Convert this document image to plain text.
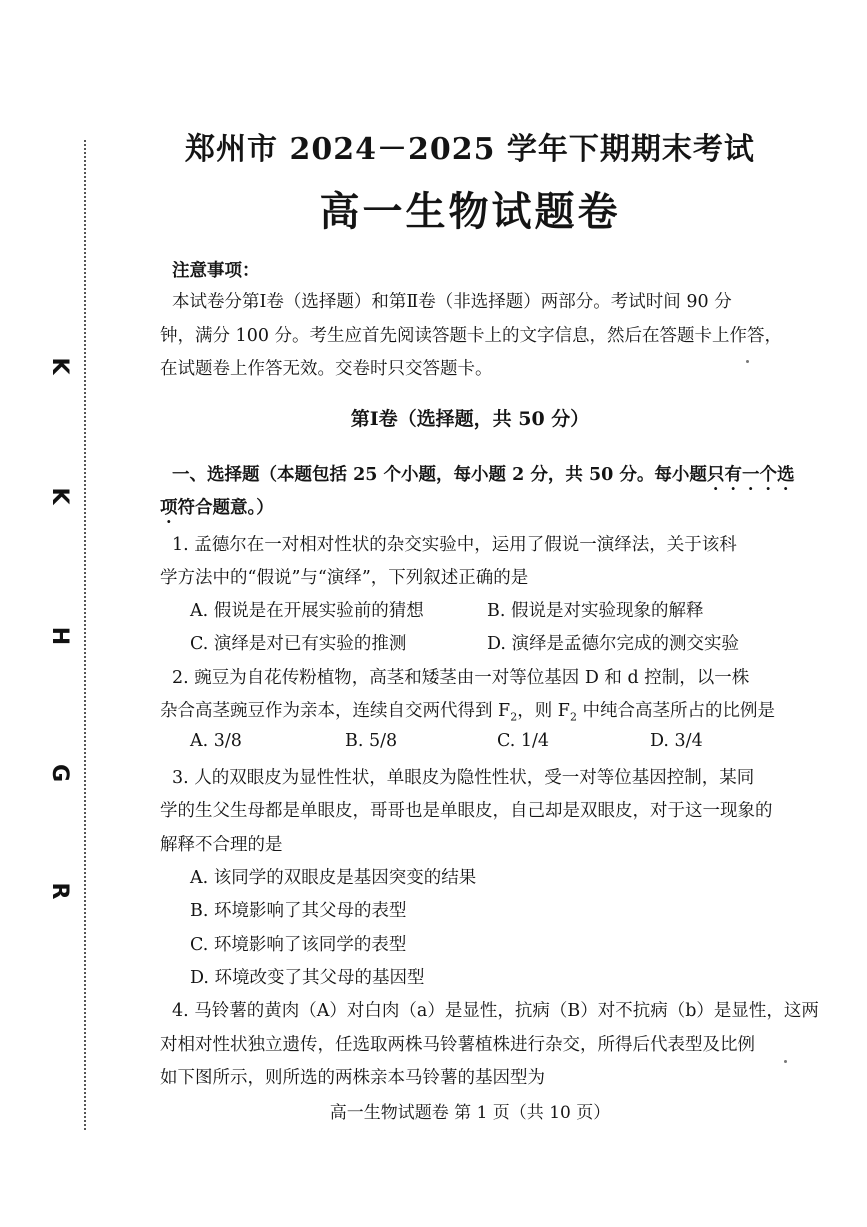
K
K
H
G
R
郑州市 2024－2025 学年下期期末考试
高一生物试题卷
注意事项：
本试卷分第Ⅰ卷（选择题）和第Ⅱ卷（非选择题）两部分。考试时间 90 分
钟，满分 100 分。考生应首先阅读答题卡上的文字信息，然后在答题卡上作答，
在试题卷上作答无效。交卷时只交答题卡。
第Ⅰ卷（选择题，共 50 分）
一、选择题（本题包括 25 个小题，每小题 2 分，共 50 分。每小题只有一个选
项符合题意。）
1. 孟德尔在一对相对性状的杂交实验中，运用了假说一演绎法，关于该科
学方法中的“假说”与“演绎”，下列叙述正确的是
A. 假说是在开展实验前的猜想	B. 假说是对实验现象的解释
C. 演绎是对已有实验的推测	D. 演绎是孟德尔完成的测交实验
2. 豌豆为自花传粉植物，高茎和矮茎由一对等位基因 D 和 d 控制，以一株
杂合高茎豌豆作为亲本，连续自交两代得到 $F_2$，则 $F_2$ 中纯合高茎所占的比例是
A. 3/8	B. 5/8	C. 1/4	D. 3/4
3. 人的双眼皮为显性性状，单眼皮为隐性性状，受一对等位基因控制，某同
学的生父生母都是单眼皮，哥哥也是单眼皮，自己却是双眼皮，对于这一现象的
解释不合理的是
A. 该同学的双眼皮是基因突变的结果
B. 环境影响了其父母的表型
C. 环境影响了该同学的表型
D. 环境改变了其父母的基因型
4. 马铃薯的黄肉（A）对白肉（a）是显性，抗病（B）对不抗病（b）是显性，这两
对相对性状独立遗传，任选取两株马铃薯植株进行杂交，所得后代表型及比例
如下图所示，则所选的两株亲本马铃薯的基因型为
高一生物试题卷 第 1 页（共 10 页）
